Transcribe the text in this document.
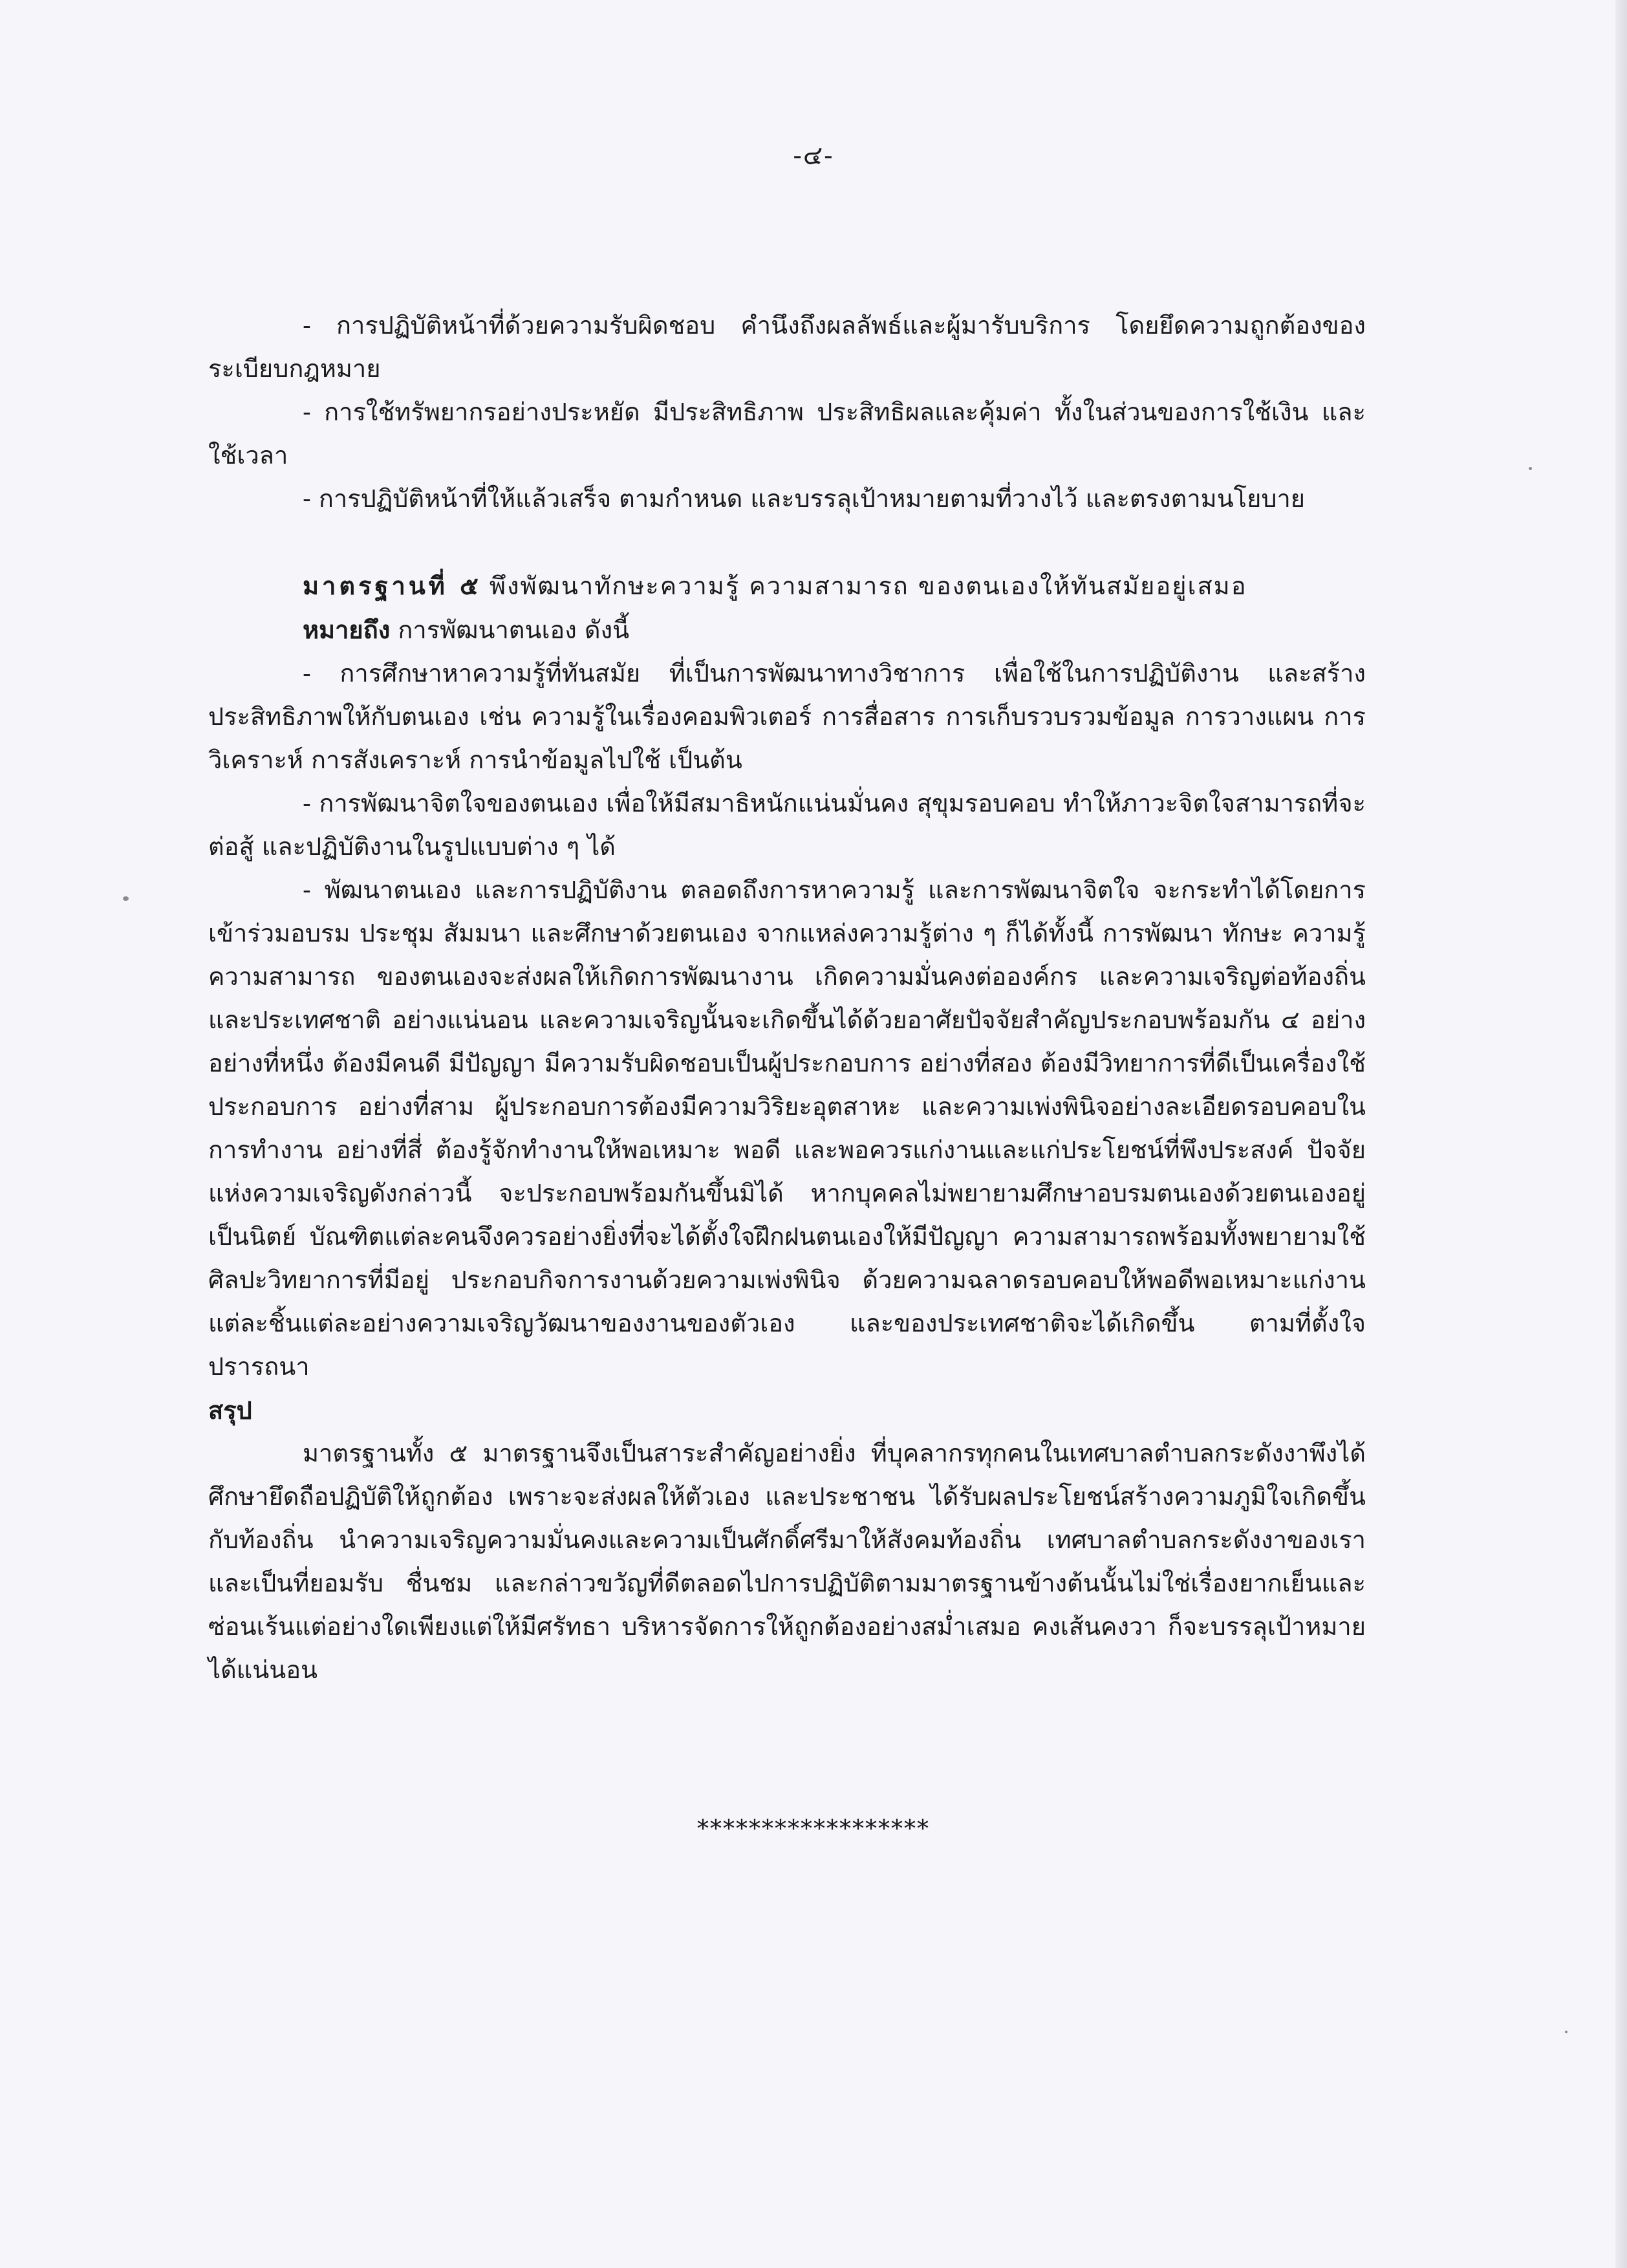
-๔-

- การปฏิบัติหน้าที่ด้วยความรับผิดชอบ คำนึงถึงผลลัพธ์และผู้มารับบริการ โดยยึดความถูกต้องของระเบียบกฎหมาย

- การใช้ทรัพยากรอย่างประหยัด มีประสิทธิภาพ ประสิทธิผลและคุ้มค่า ทั้งในส่วนของการใช้เงิน และใช้เวลา

- การปฏิบัติหน้าที่ให้แล้วเสร็จ ตามกำหนด และบรรลุเป้าหมายตามที่วางไว้ และตรงตามนโยบาย

มาตรฐานที่ ๕ พึงพัฒนาทักษะความรู้ ความสามารถ ของตนเองให้ทันสมัยอยู่เสมอ

หมายถึง การพัฒนาตนเอง ดังนี้

- การศึกษาหาความรู้ที่ทันสมัย ที่เป็นการพัฒนาทางวิชาการ เพื่อใช้ในการปฏิบัติงาน และสร้างประสิทธิภาพให้กับตนเอง เช่น ความรู้ในเรื่องคอมพิวเตอร์ การสื่อสาร การเก็บรวบรวมข้อมูล การวางแผน การวิเคราะห์ การสังเคราะห์ การนำข้อมูลไปใช้ เป็นต้น

- การพัฒนาจิตใจของตนเอง เพื่อให้มีสมาธิหนักแน่นมั่นคง สุขุมรอบคอบ ทำให้ภาวะจิตใจสามารถที่จะต่อสู้ และปฏิบัติงานในรูปแบบต่าง ๆ ได้

- พัฒนาตนเอง และการปฏิบัติงาน ตลอดถึงการหาความรู้ และการพัฒนาจิตใจ จะกระทำได้โดยการเข้าร่วมอบรม ประชุม สัมมนา และศึกษาด้วยตนเอง จากแหล่งความรู้ต่าง ๆ ก็ได้ทั้งนี้ การพัฒนา ทักษะ ความรู้ ความสามารถ ของตนเองจะส่งผลให้เกิดการพัฒนางาน เกิดความมั่นคงต่อองค์กร และความเจริญต่อท้องถิ่นและประเทศชาติ อย่างแน่นอน และความเจริญนั้นจะเกิดขึ้นได้ด้วยอาศัยปัจจัยสำคัญประกอบพร้อมกัน ๔ อย่าง อย่างที่หนึ่ง ต้องมีคนดี มีปัญญา มีความรับผิดชอบเป็นผู้ประกอบการ อย่างที่สอง ต้องมีวิทยาการที่ดีเป็นเครื่องใช้ประกอบการ อย่างที่สาม ผู้ประกอบการต้องมีความวิริยะอุตสาหะ และความเพ่งพินิจอย่างละเอียดรอบคอบในการทำงาน อย่างที่สี่ ต้องรู้จักทำงานให้พอเหมาะ พอดี และพอควรแก่งานและแก่ประโยชน์ที่พึงประสงค์ ปัจจัยแห่งความเจริญดังกล่าวนี้ จะประกอบพร้อมกันขึ้นมิได้ หากบุคคลไม่พยายามศึกษาอบรมตนเองด้วยตนเองอยู่เป็นนิตย์ บัณฑิตแต่ละคนจึงควรอย่างยิ่งที่จะได้ตั้งใจฝึกฝนตนเองให้มีปัญญา ความสามารถพร้อมทั้งพยายามใช้ศิลปะวิทยาการที่มีอยู่ ประกอบกิจการงานด้วยความเพ่งพินิจ ด้วยความฉลาดรอบคอบให้พอดีพอเหมาะแก่งานแต่ละชิ้นแต่ละอย่างความเจริญวัฒนาของงานของตัวเอง และของประเทศชาติจะได้เกิดขึ้น ตามที่ตั้งใจปรารถนา

สรุป

มาตรฐานทั้ง ๕ มาตรฐานจึงเป็นสาระสำคัญอย่างยิ่ง ที่บุคลากรทุกคนในเทศบาลตำบลกระดังงาพึงได้ศึกษายึดถือปฏิบัติให้ถูกต้อง เพราะจะส่งผลให้ตัวเอง และประชาชน ได้รับผลประโยชน์สร้างความภูมิใจเกิดขึ้นกับท้องถิ่น นำความเจริญความมั่นคงและความเป็นศักดิ์ศรีมาให้สังคมท้องถิ่น เทศบาลตำบลกระดังงาของเราและเป็นที่ยอมรับ ชื่นชม และกล่าวขวัญที่ดีตลอดไปการปฏิบัติตามมาตรฐานข้างต้นนั้นไม่ใช่เรื่องยากเย็นและซ่อนเร้นแต่อย่างใดเพียงแต่ให้มีศรัทธา บริหารจัดการให้ถูกต้องอย่างสม่ำเสมอ คงเส้นคงวา ก็จะบรรลุเป้าหมายได้แน่นอน

******************
